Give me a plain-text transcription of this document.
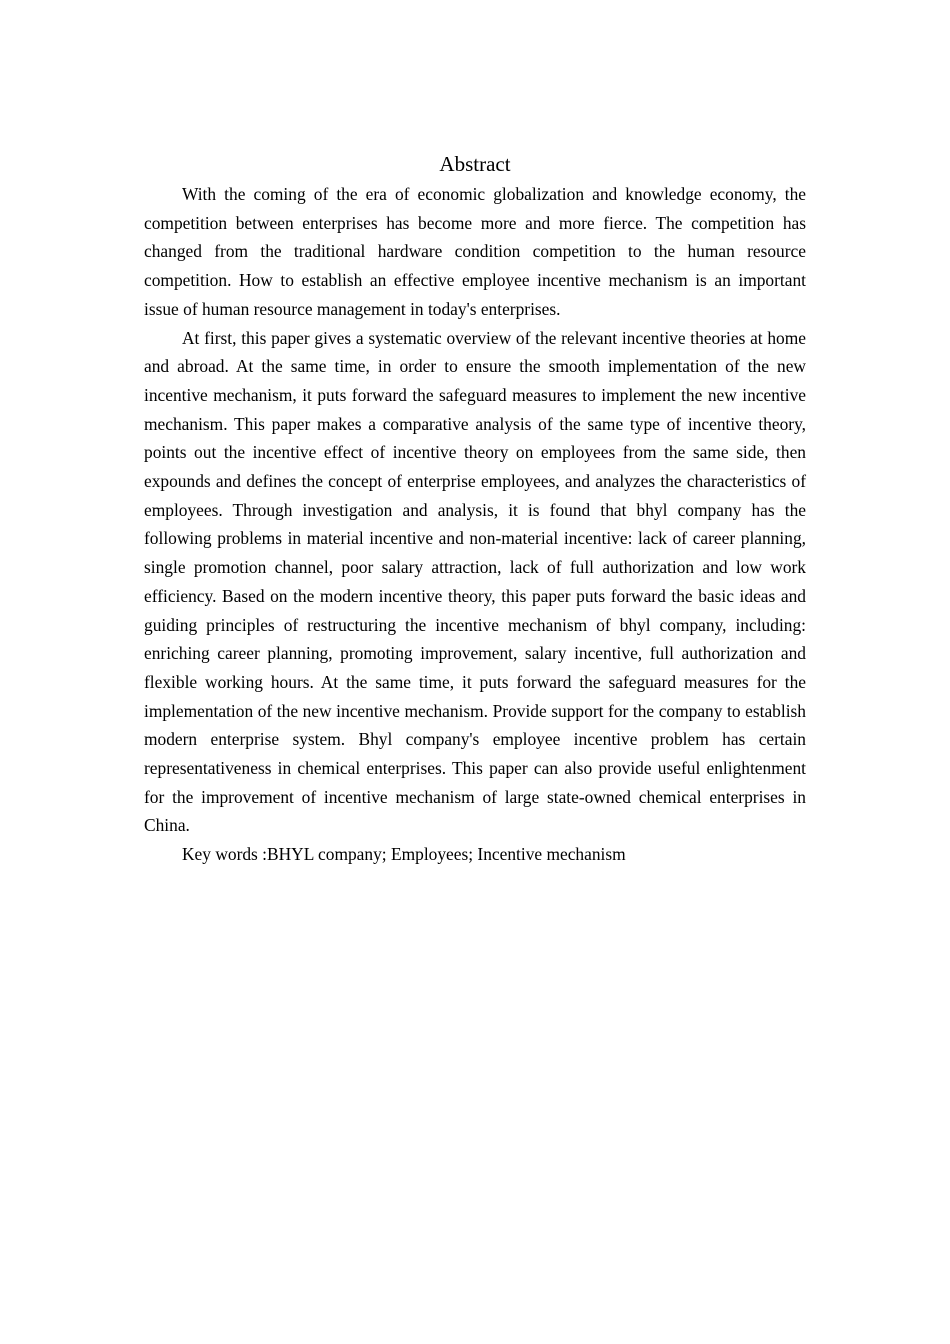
Abstract

With the coming of the era of economic globalization and knowledge economy, the competition between enterprises has become more and more fierce. The competition has changed from the traditional hardware condition competition to the human resource competition. How to establish an effective employee incentive mechanism is an important issue of human resource management in today's enterprises.

At first, this paper gives a systematic overview of the relevant incentive theories at home and abroad. At the same time, in order to ensure the smooth implementation of the new incentive mechanism, it puts forward the safeguard measures to implement the new incentive mechanism. This paper makes a comparative analysis of the same type of incentive theory, points out the incentive effect of incentive theory on employees from the same side, then expounds and defines the concept of enterprise employees, and analyzes the characteristics of employees. Through investigation and analysis, it is found that bhyl company has the following problems in material incentive and non-material incentive: lack of career planning, single promotion channel, poor salary attraction, lack of full authorization and low work efficiency. Based on the modern incentive theory, this paper puts forward the basic ideas and guiding principles of restructuring the incentive mechanism of bhyl company, including: enriching career planning, promoting improvement, salary incentive, full authorization and flexible working hours. At the same time, it puts forward the safeguard measures for the implementation of the new incentive mechanism. Provide support for the company to establish modern enterprise system. Bhyl company's employee incentive problem has certain representativeness in chemical enterprises. This paper can also provide useful enlightenment for the improvement of incentive mechanism of large state-owned chemical enterprises in China.

Key words :BHYL company; Employees; Incentive mechanism
